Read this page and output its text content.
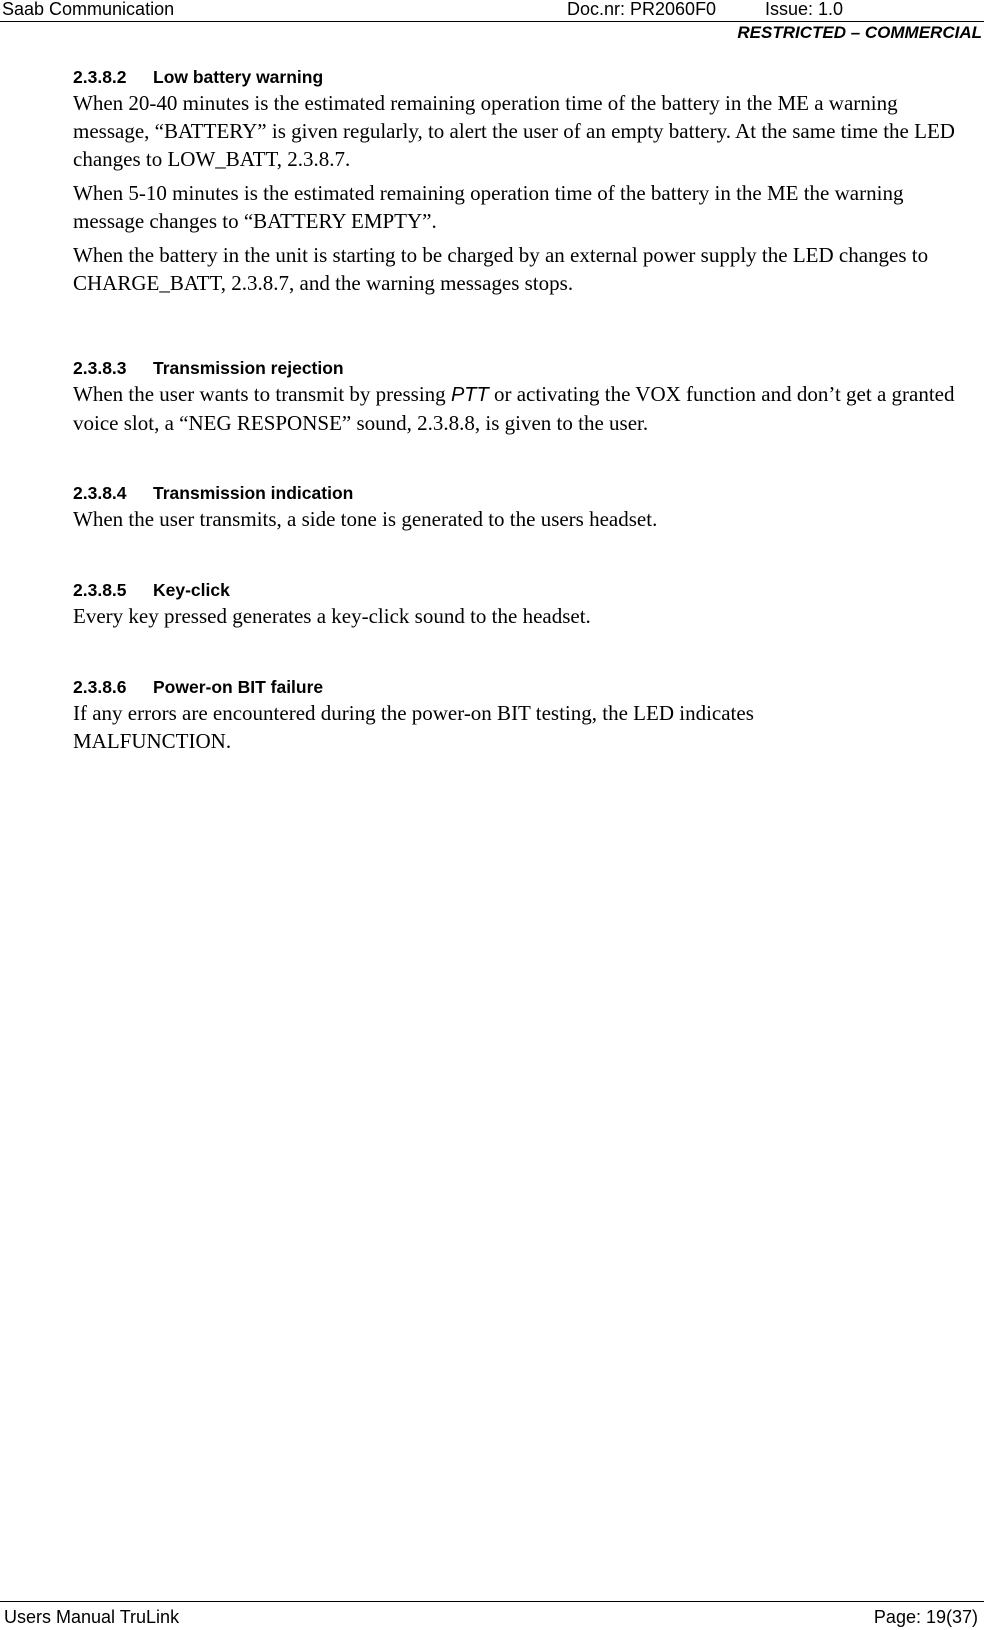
Saab Communication	Doc.nr: PR2060F0	Issue: 1.0
RESTRICTED – COMMERCIAL
2.3.8.2 Low battery warning

When 20-40 minutes is the estimated remaining operation time of the battery in the ME a warning message, “BATTERY” is given regularly, to alert the user of an empty battery. At the same time the LED changes to LOW_BATT, 2.3.8.7.

When 5-10 minutes is the estimated remaining operation time of the battery in the ME the warning message changes to “BATTERY EMPTY”.

When the battery in the unit is starting to be charged by an external power supply the LED changes to CHARGE_BATT, 2.3.8.7, and the warning messages stops.

2.3.8.3 Transmission rejection

When the user wants to transmit by pressing PTT or activating the VOX function and don’t get a granted voice slot, a “NEG RESPONSE” sound, 2.3.8.8, is given to the user.

2.3.8.4 Transmission indication

When the user transmits, a side tone is generated to the users headset.

2.3.8.5 Key-click

Every key pressed generates a key-click sound to the headset.

2.3.8.6 Power-on BIT failure

If any errors are encountered during the power-on BIT testing, the LED indicates MALFUNCTION.

Users Manual TruLink	Page: 19(37)
